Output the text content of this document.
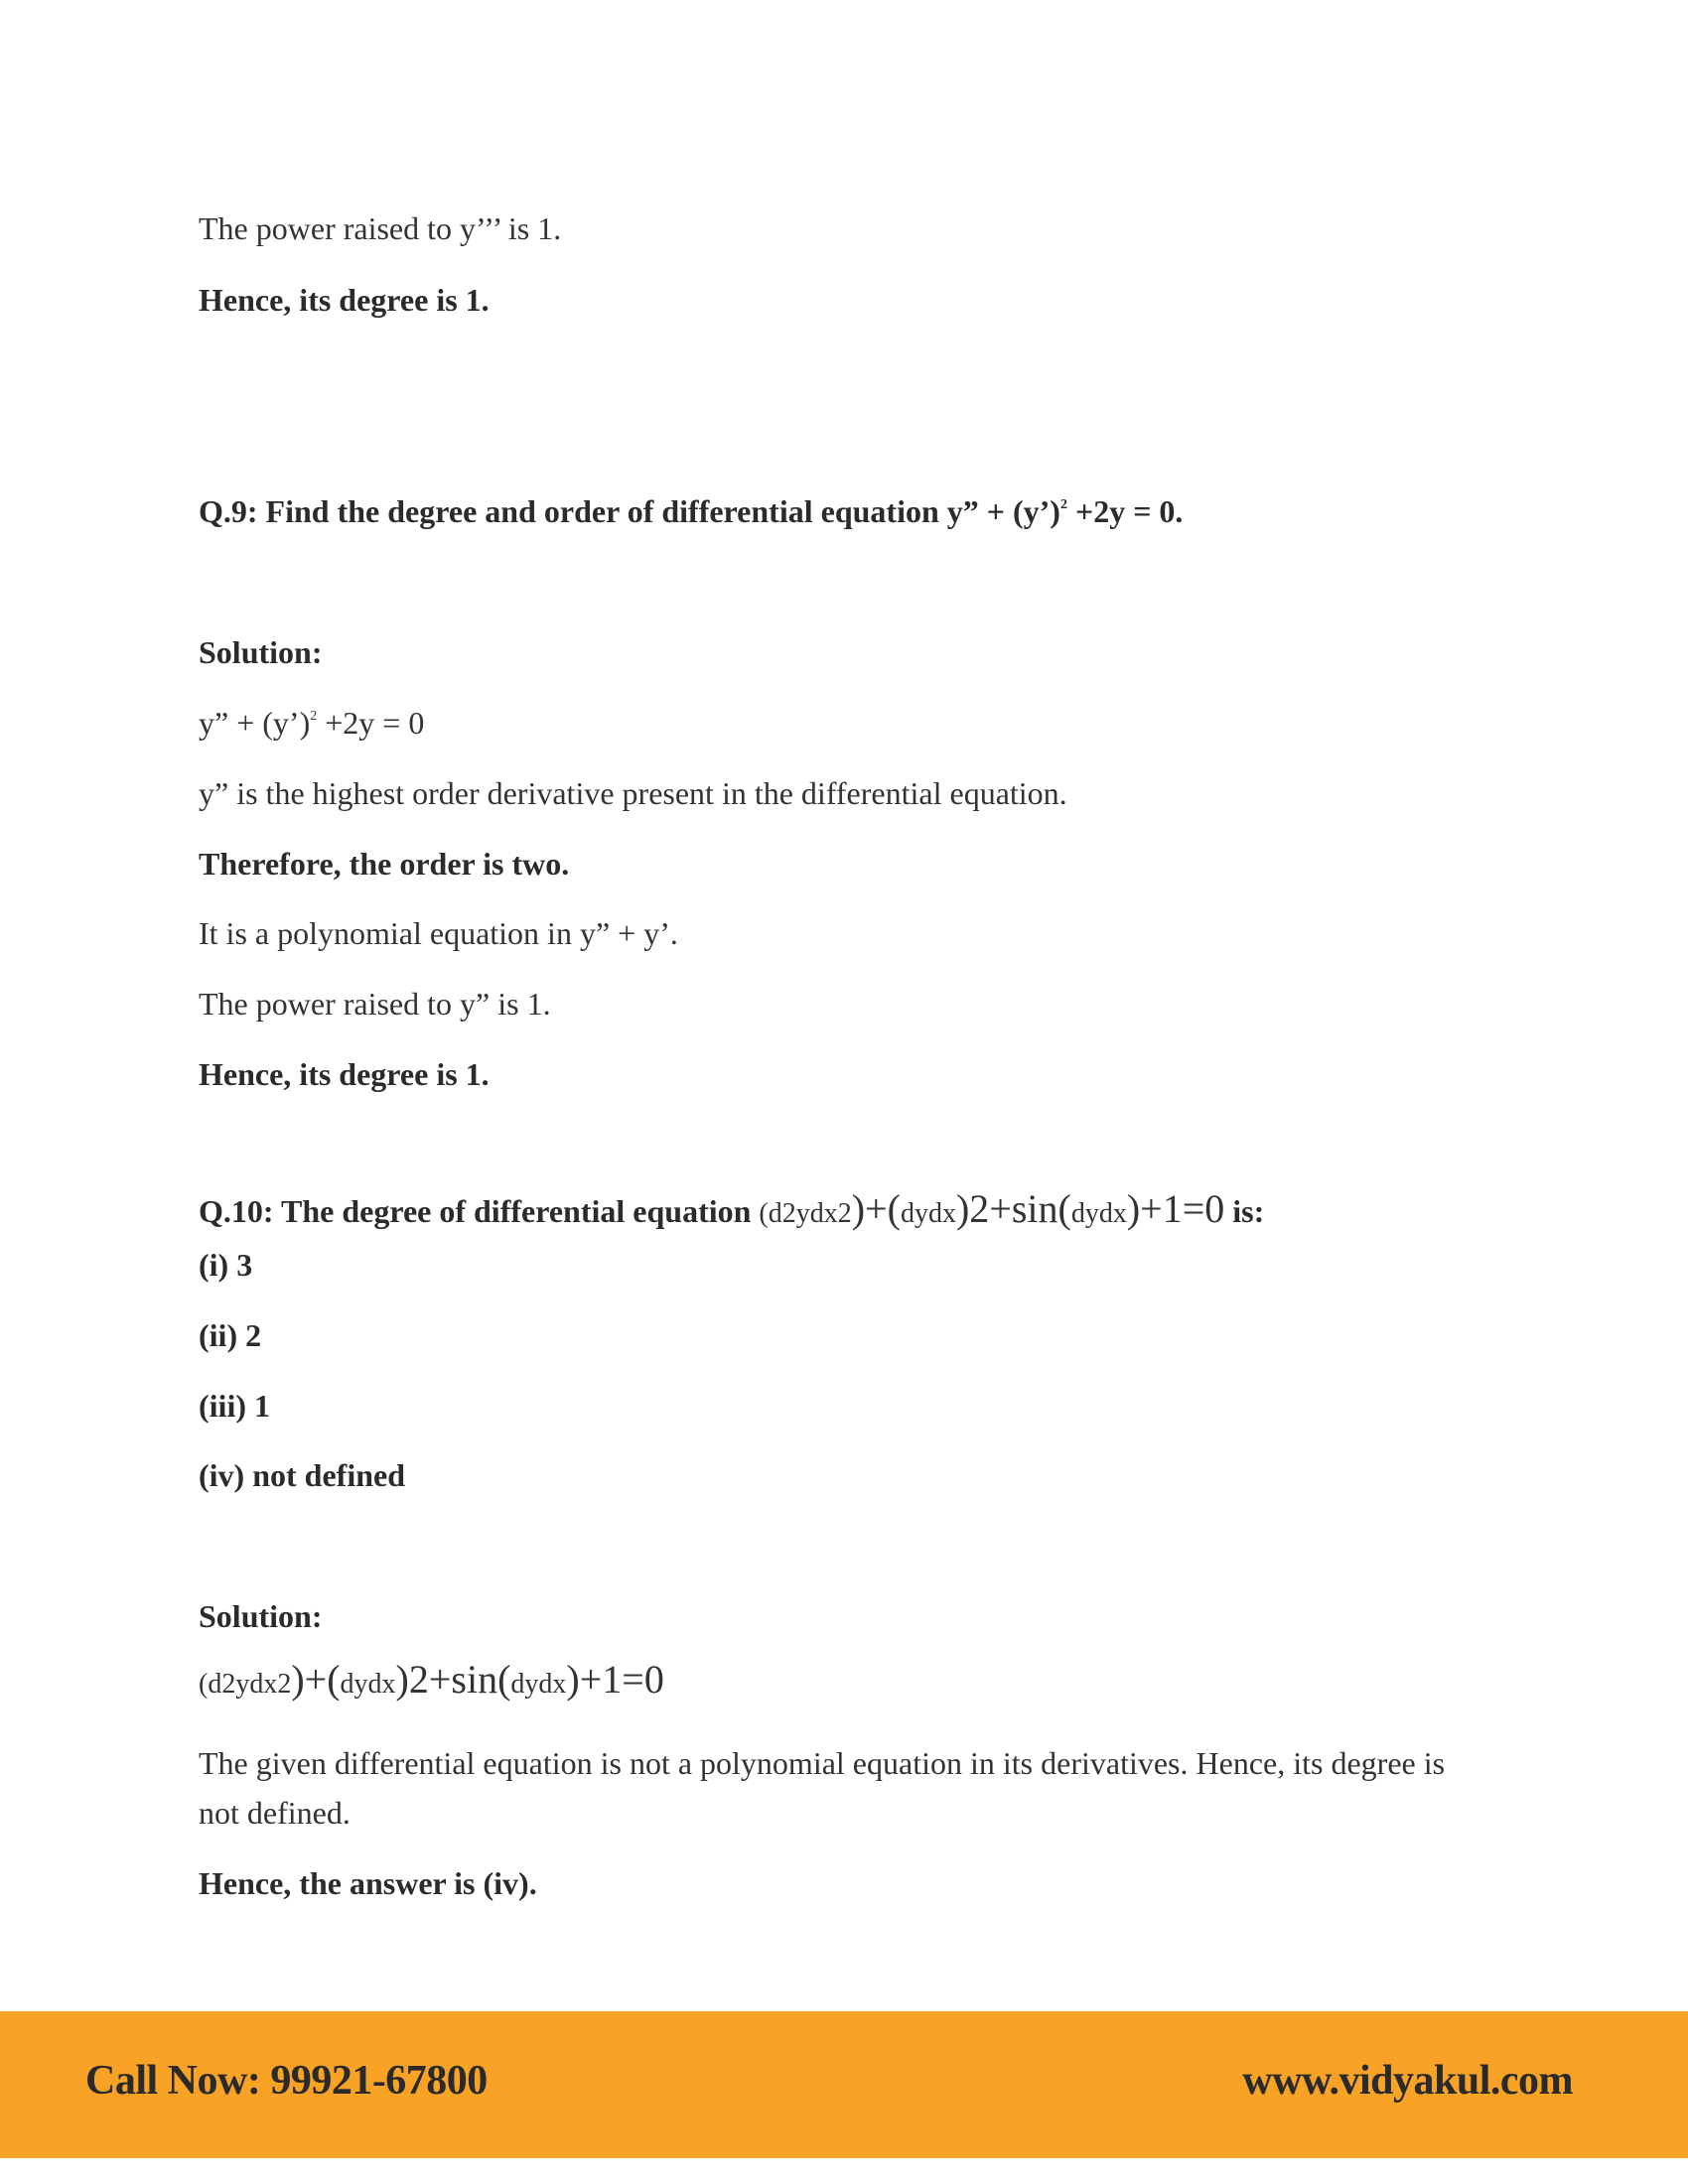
The power raised to y’’’ is 1.
Hence, its degree is 1.
Q.9: Find the degree and order of differential equation y” + (y’)$^2$ +2y = 0.
Solution:
y” + (y’)$^2$ +2y = 0
y” is the highest order derivative present in the differential equation.
Therefore, the order is two.
It is a polynomial equation in y” + y’.
The power raised to y” is 1.
Hence, its degree is 1.
Q.10: The degree of differential equation (d2ydx2)+(dydx)2+sin(dydx)+1=0 is:
(i) 3
(ii) 2
(iii) 1
(iv) not defined
Solution:
(d2ydx2)+(dydx)2+sin(dydx)+1=0
The given differential equation is not a polynomial equation in its derivatives. Hence, its degree is not defined.
Hence, the answer is (iv).
Call Now: 99921-67800	www.vidyakul.com
